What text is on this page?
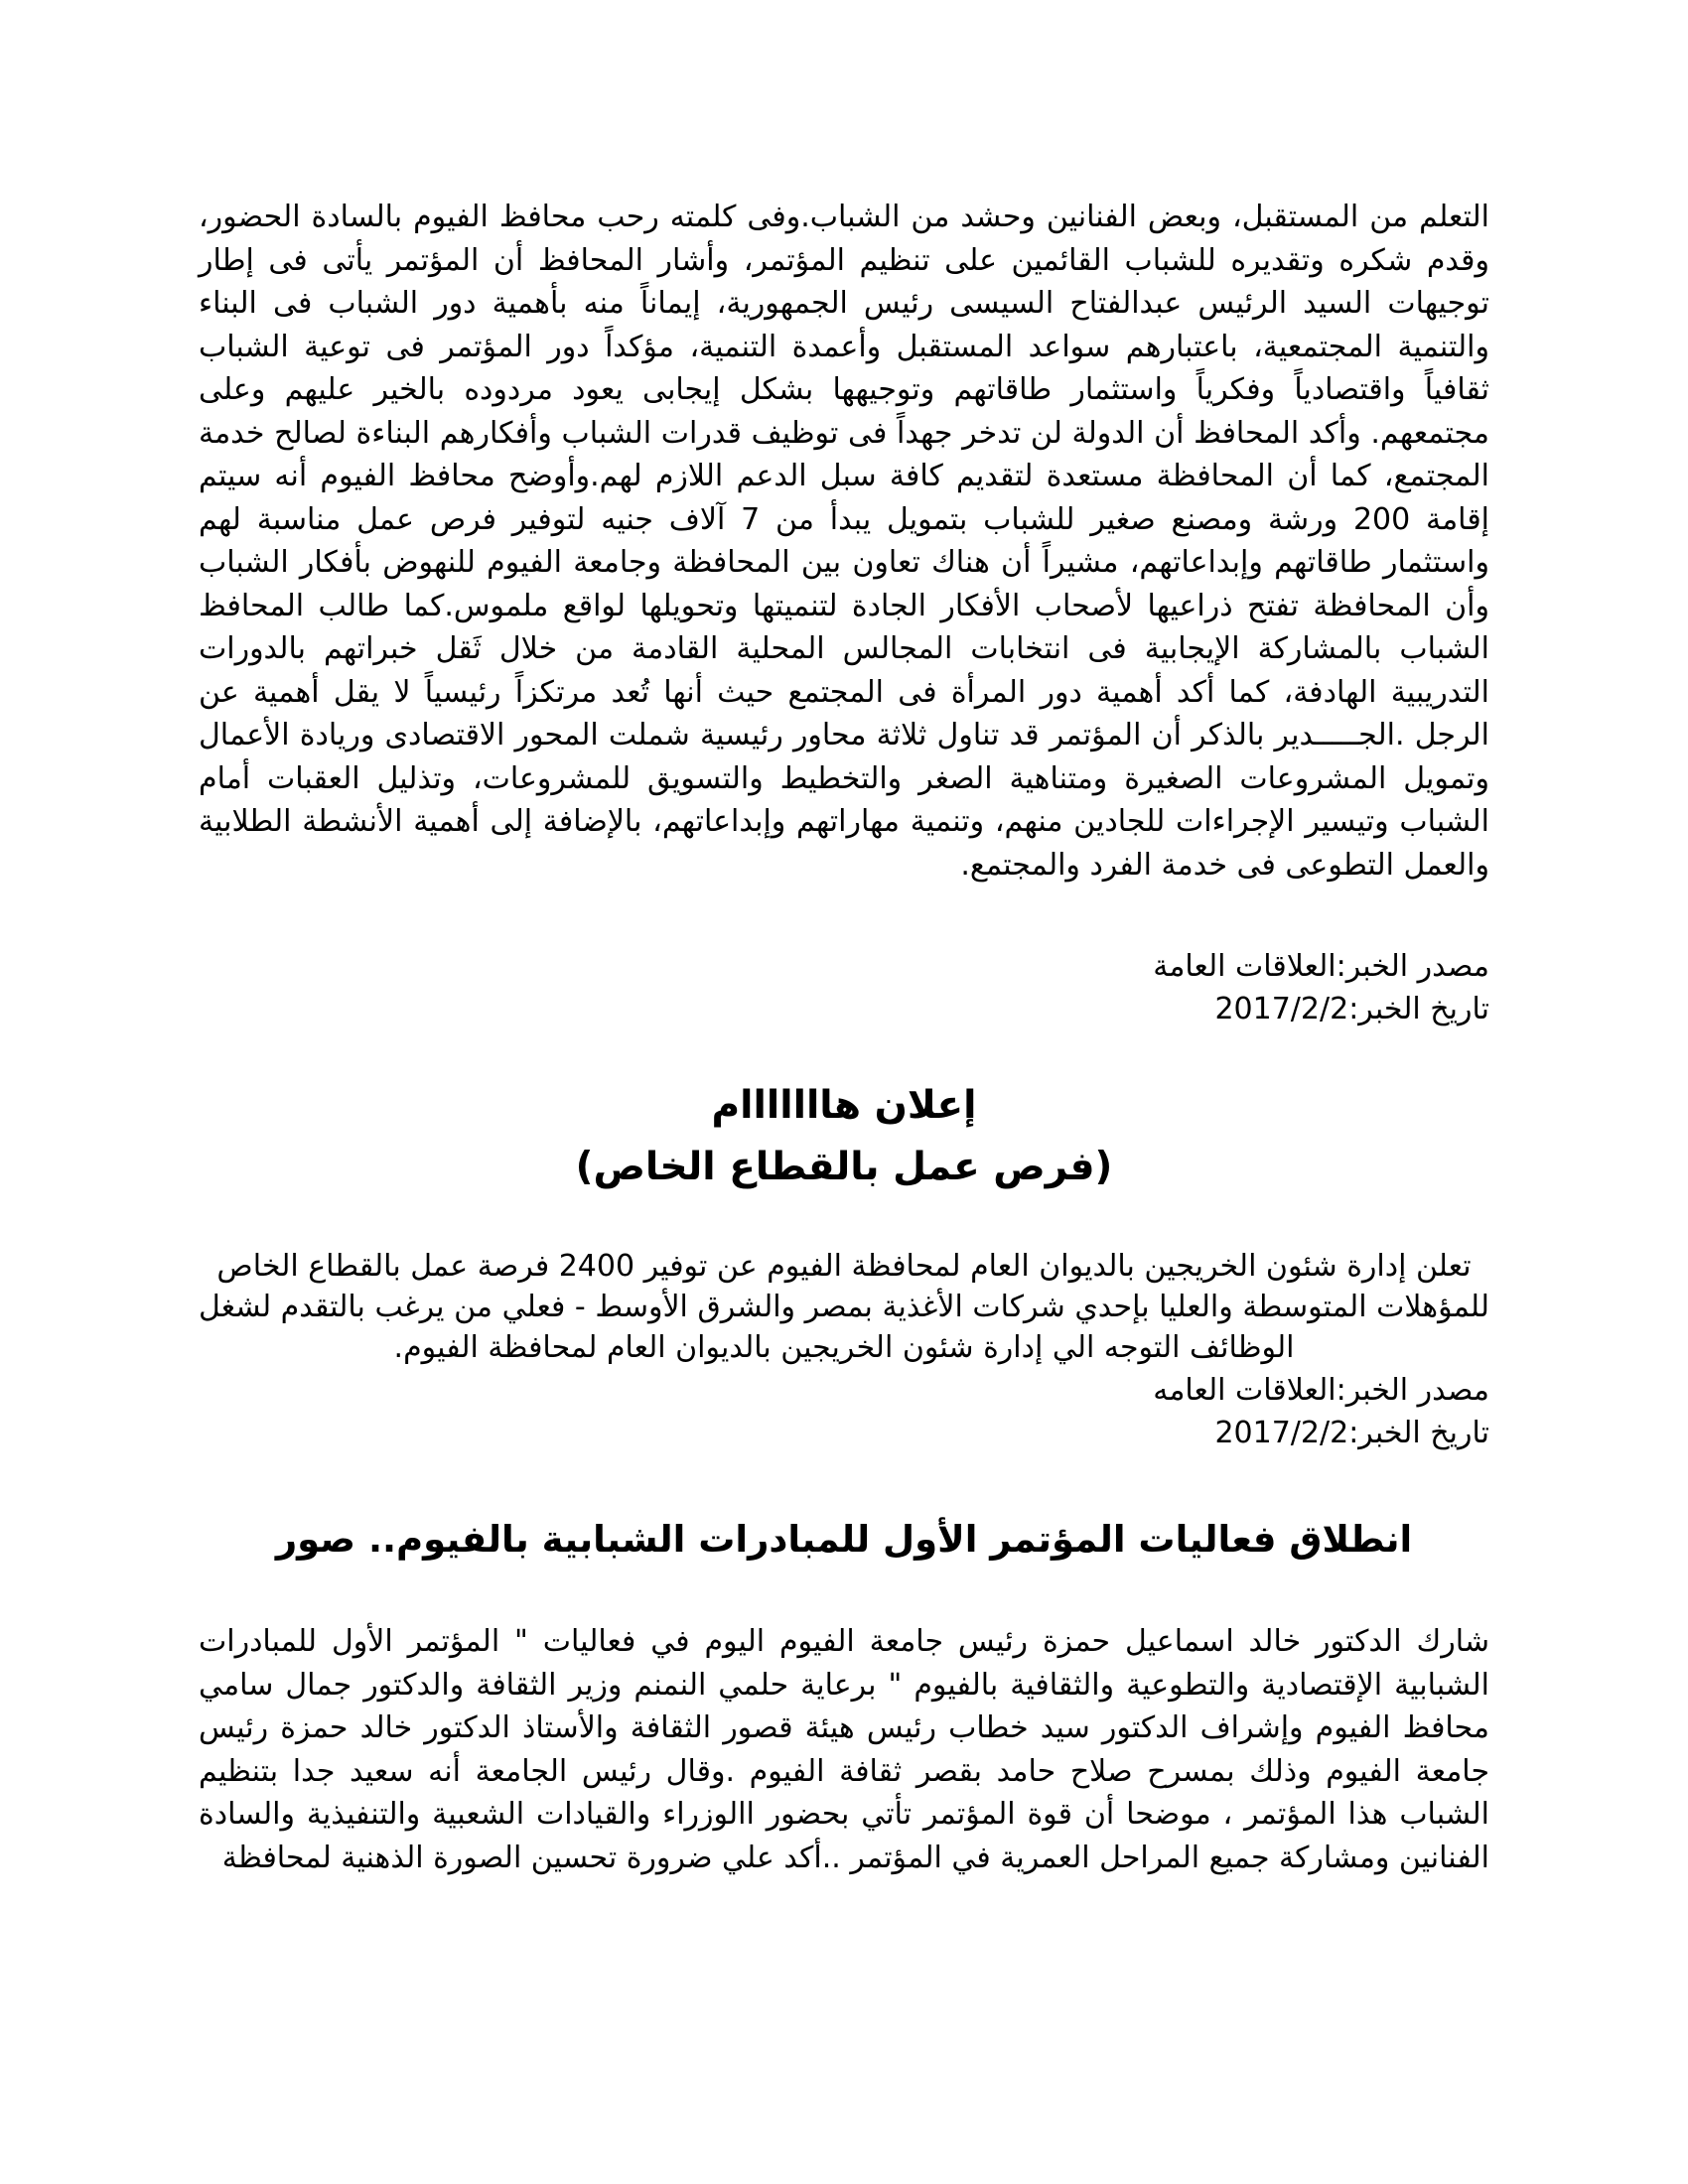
التعلم من المستقبل، وبعض الفنانين وحشد من الشباب.وفى كلمته رحب محافظ الفيوم بالسادة الحضور، وقدم شكره وتقديره للشباب القائمين على تنظيم المؤتمر، وأشار المحافظ أن المؤتمر يأتى فى إطار توجيهات السيد الرئيس عبدالفتاح السيسى رئيس الجمهورية، إيماناً منه بأهمية دور الشباب فى البناء والتنمية المجتمعية، باعتبارهم سواعد المستقبل وأعمدة التنمية، مؤكداً دور المؤتمر فى توعية الشباب ثقافياً واقتصادياً وفكرياً واستثمار طاقاتهم وتوجيهها بشكل إيجابى يعود مردوده بالخير عليهم وعلى مجتمعهم. وأكد المحافظ أن الدولة لن تدخر جهداً فى توظيف قدرات الشباب وأفكارهم البناءة لصالح خدمة المجتمع، كما أن المحافظة مستعدة لتقديم كافة سبل الدعم اللازم لهم.وأوضح محافظ الفيوم أنه سيتم إقامة 200 ورشة ومصنع صغير للشباب بتمويل يبدأ من 7 آلاف جنيه لتوفير فرص عمل مناسبة لهم واستثمار طاقاتهم وإبداعاتهم، مشيراً أن هناك تعاون بين المحافظة وجامعة الفيوم للنهوض بأفكار الشباب وأن المحافظة تفتح ذراعيها لأصحاب الأفكار الجادة لتنميتها وتحويلها لواقع ملموس.كما طالب المحافظ الشباب بالمشاركة الإيجابية فى انتخابات المجالس المحلية القادمة من خلال ثَقل خبراتهم بالدورات التدريبية الهادفة، كما أكد أهمية دور المرأة فى المجتمع حيث أنها تُعد مرتكزاً رئيسياً لا يقل أهمية عن الرجل .الجـــــدير بالذكر أن المؤتمر قد تناول ثلاثة محاور رئيسية شملت المحور الاقتصادى وريادة الأعمال وتمويل المشروعات الصغيرة ومتناهية الصغر والتخطيط والتسويق للمشروعات، وتذليل العقبات أمام الشباب وتيسير الإجراءات للجادين منهم، وتنمية مهاراتهم وإبداعاتهم، بالإضافة إلى أهمية الأنشطة الطلابية والعمل التطوعى فى خدمة الفرد والمجتمع.
مصدر الخبر:العلاقات العامة
تاريخ الخبر:2017/2/2
إعلان هااااااام
(فرص عمل بالقطاع الخاص)
تعلن إدارة شئون الخريجين بالديوان العام لمحافظة الفيوم عن توفير 2400 فرصة عمل بالقطاع الخاص
للمؤهلات المتوسطة والعليا بإحدي شركات الأغذية بمصر والشرق الأوسط - فعلي من يرغب بالتقدم لشغل
الوظائف التوجه الي إدارة شئون الخريجين بالديوان العام لمحافظة الفيوم.
مصدر الخبر:العلاقات العامه
تاريخ الخبر:2017/2/2
انطلاق فعاليات المؤتمر الأول للمبادرات الشبابية بالفيوم.. صور
شارك الدكتور خالد اسماعيل حمزة رئيس جامعة الفيوم اليوم في فعاليات " المؤتمر الأول للمبادرات الشبابية الإقتصادية والتطوعية والثقافية بالفيوم " برعاية حلمي النمنم وزير الثقافة والدكتور جمال سامي محافظ الفيوم وإشراف الدكتور سيد خطاب رئيس هيئة قصور الثقافة والأستاذ الدكتور خالد حمزة رئيس جامعة الفيوم وذلك بمسرح صلاح حامد بقصر ثقافة الفيوم .وقال رئيس الجامعة أنه سعيد جدا بتنظيم الشباب هذا المؤتمر ، موضحا أن قوة المؤتمر تأتي بحضور االوزراء والقيادات الشعبية والتنفيذية والسادة الفنانين ومشاركة جميع المراحل العمرية في المؤتمر ..أكد علي ضرورة تحسين الصورة الذهنية لمحافظة
